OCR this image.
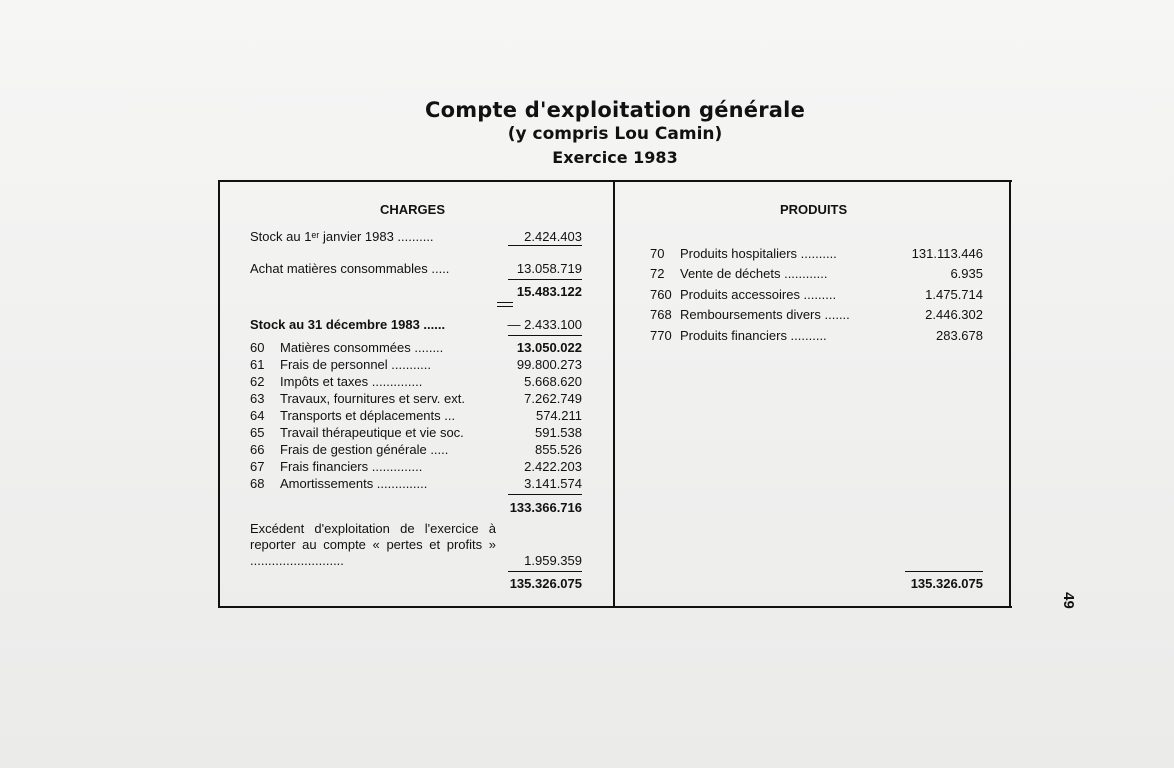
Compte d'exploitation générale
(y compris Lou Camin)
Exercice 1983
CHARGES	PRODUITS
Stock au 1ᵉʳ janvier 1983 ..........	2.424.403
Achat matières consommables .....	13.058.719
15.483.122
Stock au 31 décembre 1983 ......	— 2.433.100
60	Matières consommées ........	13.050.022
61	Frais de personnel ...........	99.800.273
62	Impôts et taxes ..............	5.668.620
63	Travaux, fournitures et serv. ext.	7.262.749
64	Transports et déplacements ...	574.211
65	Travail thérapeutique et vie soc.	591.538
66	Frais de gestion générale .....	855.526
67	Frais financiers ..............	2.422.203
68	Amortissements ..............	3.141.574
133.366.716
Excédent d'exploitation de l'exercice à reporter au compte « pertes et profits » ..........................	1.959.359
135.326.075
70	Produits hospitaliers ..........	131.113.446
72	Vente de déchets ............	6.935
760 Produits accessoires .........	1.475.714
768 Remboursements divers .......	2.446.302
770 Produits financiers ..........	283.678
135.326.075
49
